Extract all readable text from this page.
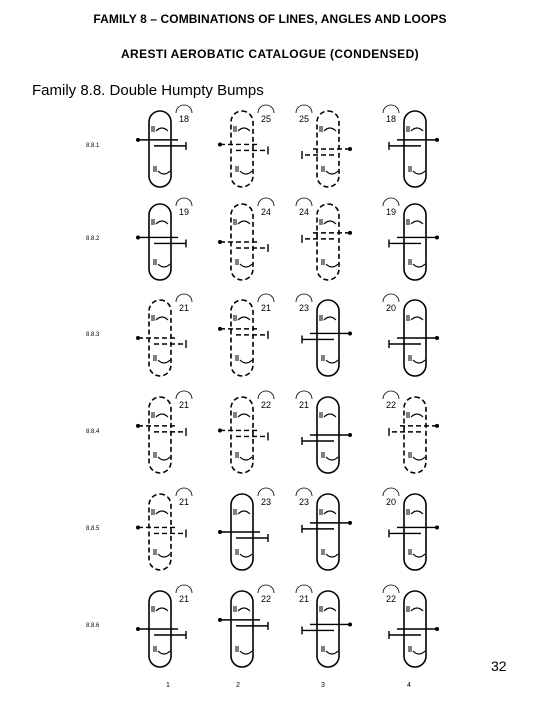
FAMILY 8 – COMBINATIONS OF LINES, ANGLES AND LOOPS
ARESTI AEROBATIC CATALOGUE (CONDENSED)
Family 8.8. Double Humpty Bumps
32
8.8.1
18	25	25	18
8.8.2
19	24	24	19
8.8.3
21	21	23	20
8.8.4
21	22	21	22
8.8.5
21	23	23	20
8.8.6
21	22	21	22
1	2	3	4
